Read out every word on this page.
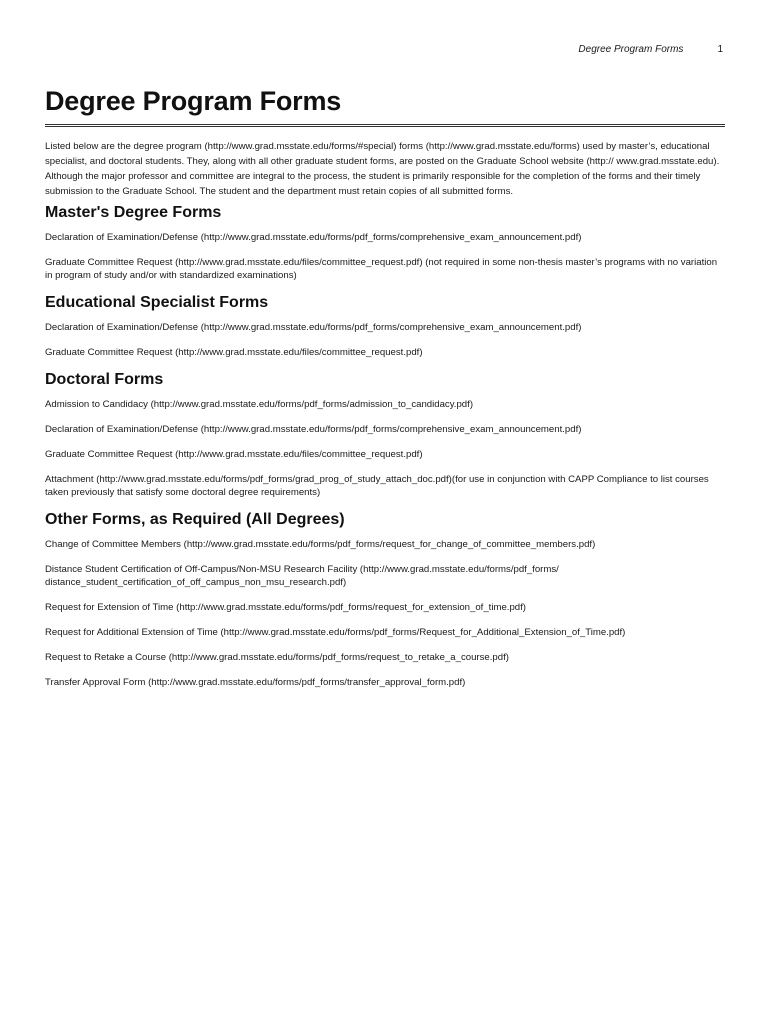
Degree Program Forms	1
Degree Program Forms

Listed below are the degree program (http://www.grad.msstate.edu/forms/#special) forms (http://www.grad.msstate.edu/forms) used by master’s, educational specialist, and doctoral students. They, along with all other graduate student forms, are posted on the Graduate School website (http:// www.grad.msstate.edu). Although the major professor and committee are integral to the process, the student is primarily responsible for the completion of the forms and their timely submission to the Graduate School. The student and the department must retain copies of all submitted forms.

Master's Degree Forms

Declaration of Examination/Defense (http://www.grad.msstate.edu/forms/pdf_forms/comprehensive_exam_announcement.pdf)

Graduate Committee Request (http://www.grad.msstate.edu/files/committee_request.pdf) (not required in some non-thesis master’s programs with no variation in program of study and/or with standardized examinations)

Educational Specialist Forms

Declaration of Examination/Defense (http://www.grad.msstate.edu/forms/pdf_forms/comprehensive_exam_announcement.pdf)

Graduate Committee Request (http://www.grad.msstate.edu/files/committee_request.pdf)

Doctoral Forms

Admission to Candidacy (http://www.grad.msstate.edu/forms/pdf_forms/admission_to_candidacy.pdf)

Declaration of Examination/Defense (http://www.grad.msstate.edu/forms/pdf_forms/comprehensive_exam_announcement.pdf)

Graduate Committee Request (http://www.grad.msstate.edu/files/committee_request.pdf)

Attachment (http://www.grad.msstate.edu/forms/pdf_forms/grad_prog_of_study_attach_doc.pdf)(for use in conjunction with CAPP Compliance to list courses taken previously that satisfy some doctoral degree requirements)

Other Forms, as Required (All Degrees)

Change of Committee Members (http://www.grad.msstate.edu/forms/pdf_forms/request_for_change_of_committee_members.pdf)

Distance Student Certification of Off-Campus/Non-MSU Research Facility (http://www.grad.msstate.edu/forms/pdf_forms/ distance_student_certification_of_off_campus_non_msu_research.pdf)

Request for Extension of Time (http://www.grad.msstate.edu/forms/pdf_forms/request_for_extension_of_time.pdf)

Request for Additional Extension of Time (http://www.grad.msstate.edu/forms/pdf_forms/Request_for_Additional_Extension_of_Time.pdf)

Request to Retake a Course (http://www.grad.msstate.edu/forms/pdf_forms/request_to_retake_a_course.pdf)

Transfer Approval Form (http://www.grad.msstate.edu/forms/pdf_forms/transfer_approval_form.pdf)
